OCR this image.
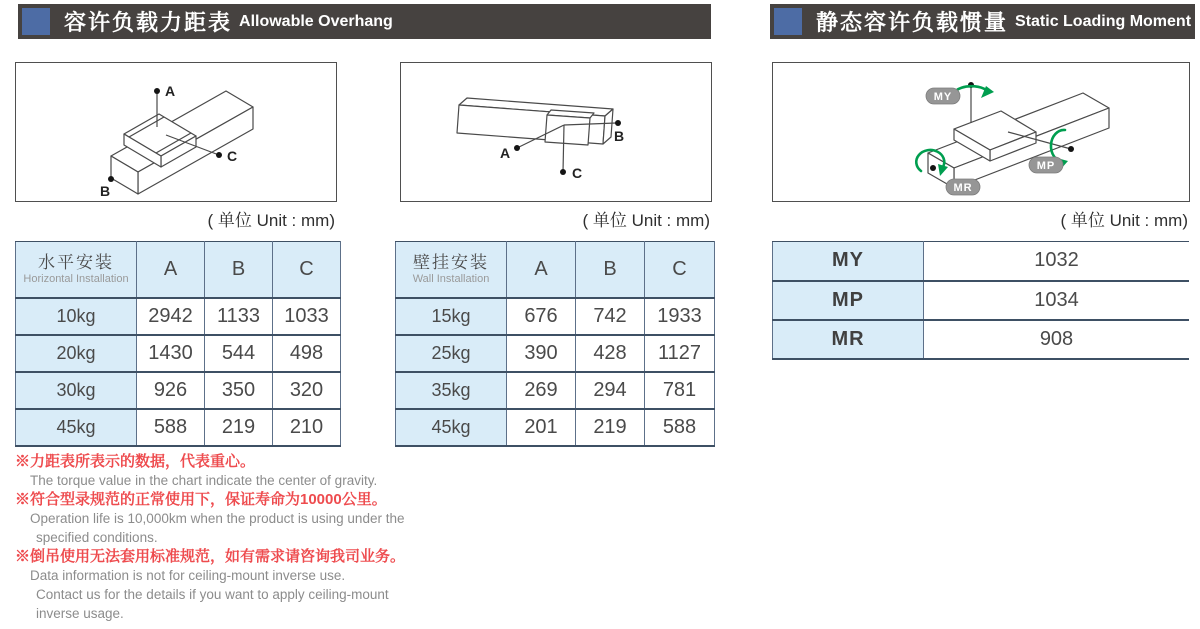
容许负载力距表 Allowable Overhang	静态容许负载惯量 Static Loading Moment
A
C
B
B
A
C
MY
MP
MR
( 单位 Unit : mm)	( 单位 Unit : mm)	( 单位 Unit : mm)
水平安装
Horizontal Installation	A	B	C
10kg	2942	1133	1033
20kg	1430	544	498
30kg	926	350	320
45kg	588	219	210
壁挂安装
Wall Installation	A	B	C
15kg	676	742	1933
25kg	390	428	1127
35kg	269	294	781
45kg	201	219	588
MY	1032
MP	1034
MR	908
※力距表所表示的数据，代表重心。
The torque value in the chart indicate the center of gravity.
※符合型录规范的正常使用下，保证寿命为10000公里。
Operation life is 10,000km when the product is using under the
specified conditions.
※倒吊使用无法套用标准规范，如有需求请咨询我司业务。
Data information is not for ceiling-mount inverse use.
Contact us for the details if you want to apply ceiling-mount
inverse usage.
